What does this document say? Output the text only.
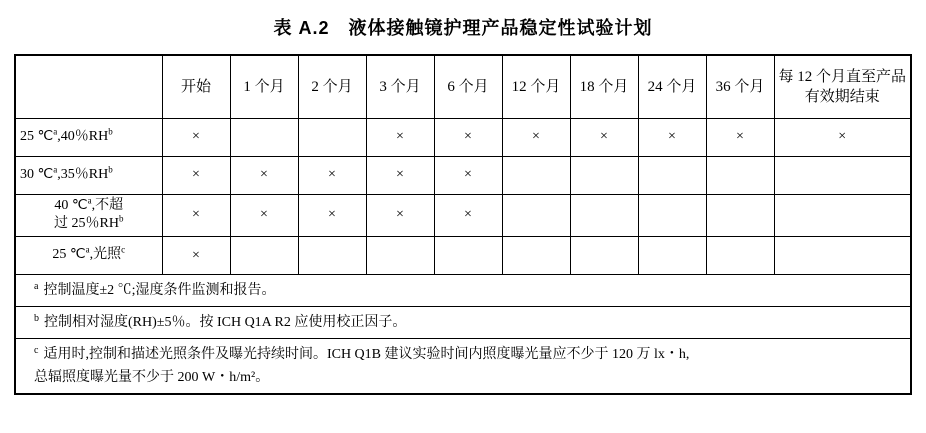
表 A.2　液体接触镜护理产品稳定性试验计划
	开始	1 个月	2 个月	3 个月	6 个月	12 个月	18 个月	24 个月	36 个月	每 12 个月直至产品有效期结束
25 ℃$^a$,40％$RH^b$	×			×	×	×	×	×	×	×
30 ℃$^a$,35％$RH^b$	×	×	×	×	×					
40 ℃$^a$,不超
过 25％$RH^b$	×	×	×	×	×					
25 ℃$^a$,光照$^c$	×									

$^a$ 控制温度±2 ℃;湿度条件监测和报告。										

$^b$ 控制相对湿度(RH)±5％。按 ICH Q1A R2 应使用校正因子。										

$^c$ 适用时,控制和描述光照条件及曝光持续时间。ICH Q1B 建议实验时间内照度曝光量应不少于 120 万 lx・h,
总辐照度曝光量不少于 200 W・h/m²。										
